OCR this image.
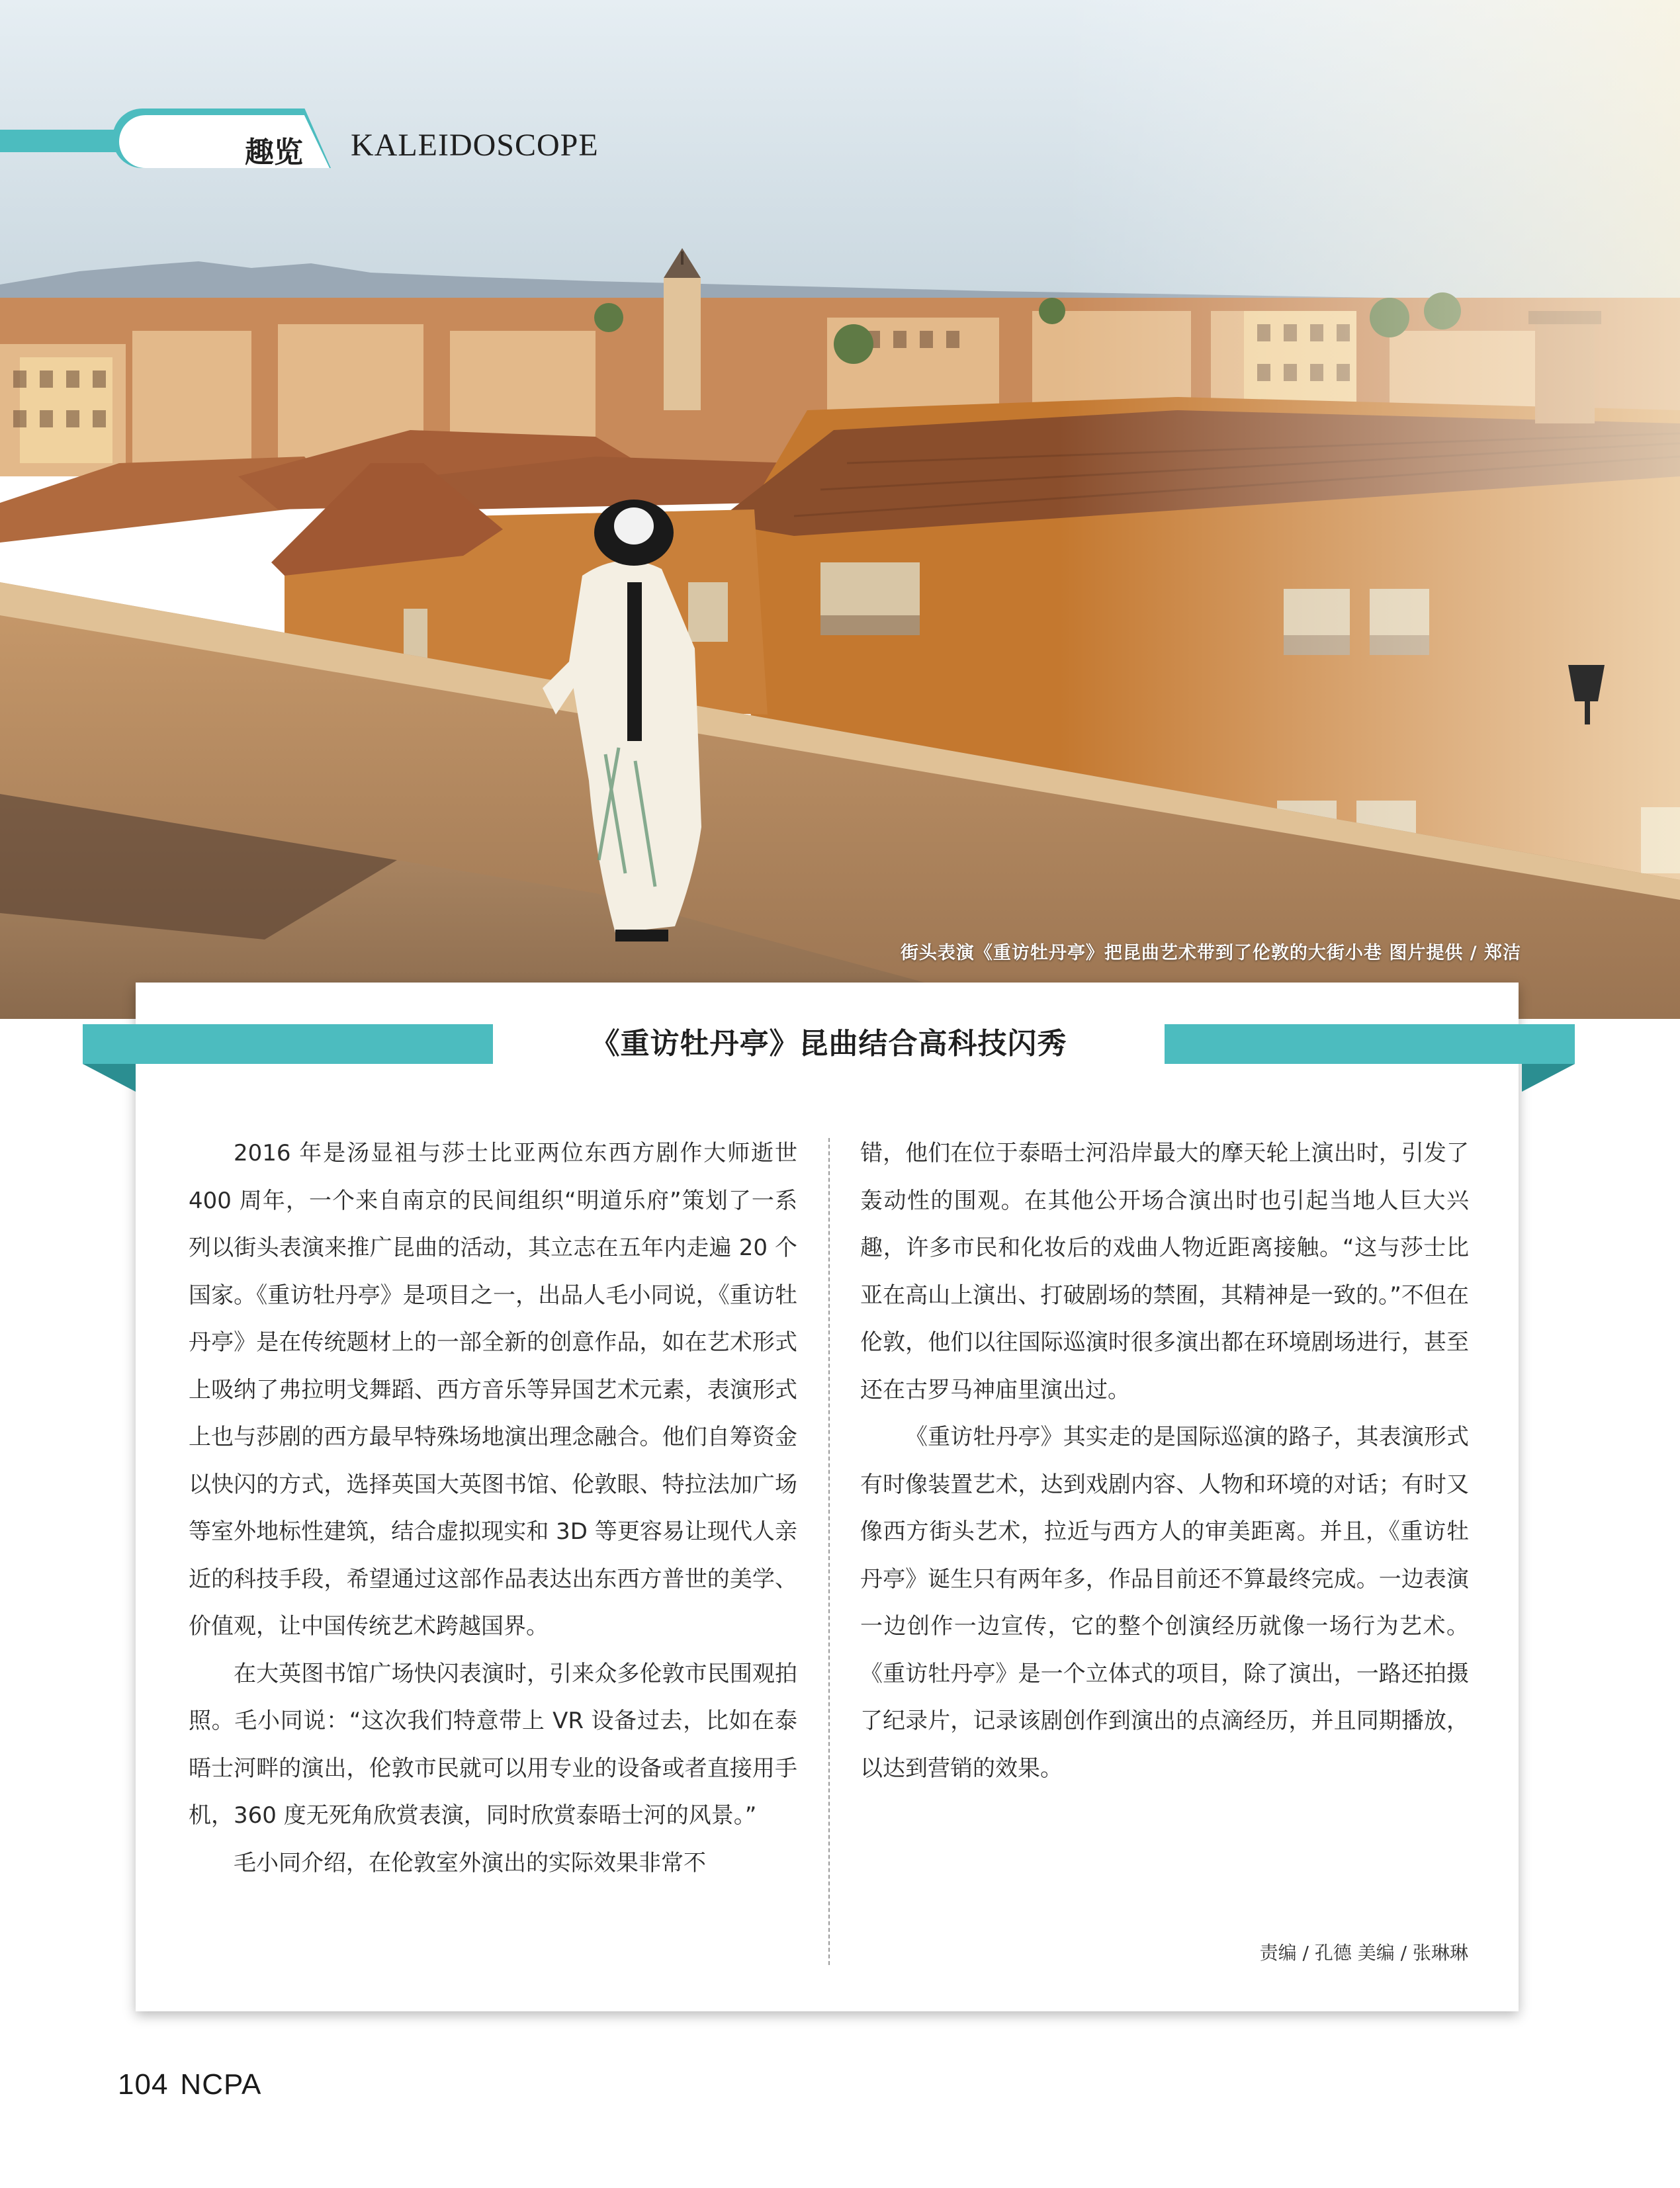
街头表演《重访牡丹亭》把昆曲艺术带到了伦敦的大街小巷 图片提供 / 郑洁
趣览 KALEIDOSCOPE
《重访牡丹亭》昆曲结合高科技闪秀

2016 年是汤显祖与莎士比亚两位东西方剧作大师逝世 400 周年，一个来自南京的民间组织“明道乐府”策划了一系列以街头表演来推广昆曲的活动，其立志在五年内走遍 20 个国家。《重访牡丹亭》是项目之一，出品人毛小同说，《重访牡丹亭》是在传统题材上的一部全新的创意作品，如在艺术形式上吸纳了弗拉明戈舞蹈、西方音乐等异国艺术元素，表演形式上也与莎剧的西方最早特殊场地演出理念融合。他们自筹资金以快闪的方式，选择英国大英图书馆、伦敦眼、特拉法加广场等室外地标性建筑，结合虚拟现实和 3D 等更容易让现代人亲近的科技手段，希望通过这部作品表达出东西方普世的美学、价值观，让中国传统艺术跨越国界。

在大英图书馆广场快闪表演时，引来众多伦敦市民围观拍照。毛小同说：“这次我们特意带上 VR 设备过去，比如在泰晤士河畔的演出，伦敦市民就可以用专业的设备或者直接用手机，360 度无死角欣赏表演，同时欣赏泰晤士河的风景。”

毛小同介绍，在伦敦室外演出的实际效果非常不

错，他们在位于泰晤士河沿岸最大的摩天轮上演出时，引发了轰动性的围观。在其他公开场合演出时也引起当地人巨大兴趣，许多市民和化妆后的戏曲人物近距离接触。“这与莎士比亚在高山上演出、打破剧场的禁囿，其精神是一致的。”不但在伦敦，他们以往国际巡演时很多演出都在环境剧场进行，甚至还在古罗马神庙里演出过。

《重访牡丹亭》其实走的是国际巡演的路子，其表演形式有时像装置艺术，达到戏剧内容、人物和环境的对话；有时又像西方街头艺术，拉近与西方人的审美距离。并且，《重访牡丹亭》诞生只有两年多，作品目前还不算最终完成。一边表演一边创作一边宣传，它的整个创演经历就像一场行为艺术。《重访牡丹亭》是一个立体式的项目，除了演出，一路还拍摄了纪录片，记录该剧创作到演出的点滴经历，并且同期播放，以达到营销的效果。

责编 / 孔德 美编 / 张琳琳
104 NCPA
